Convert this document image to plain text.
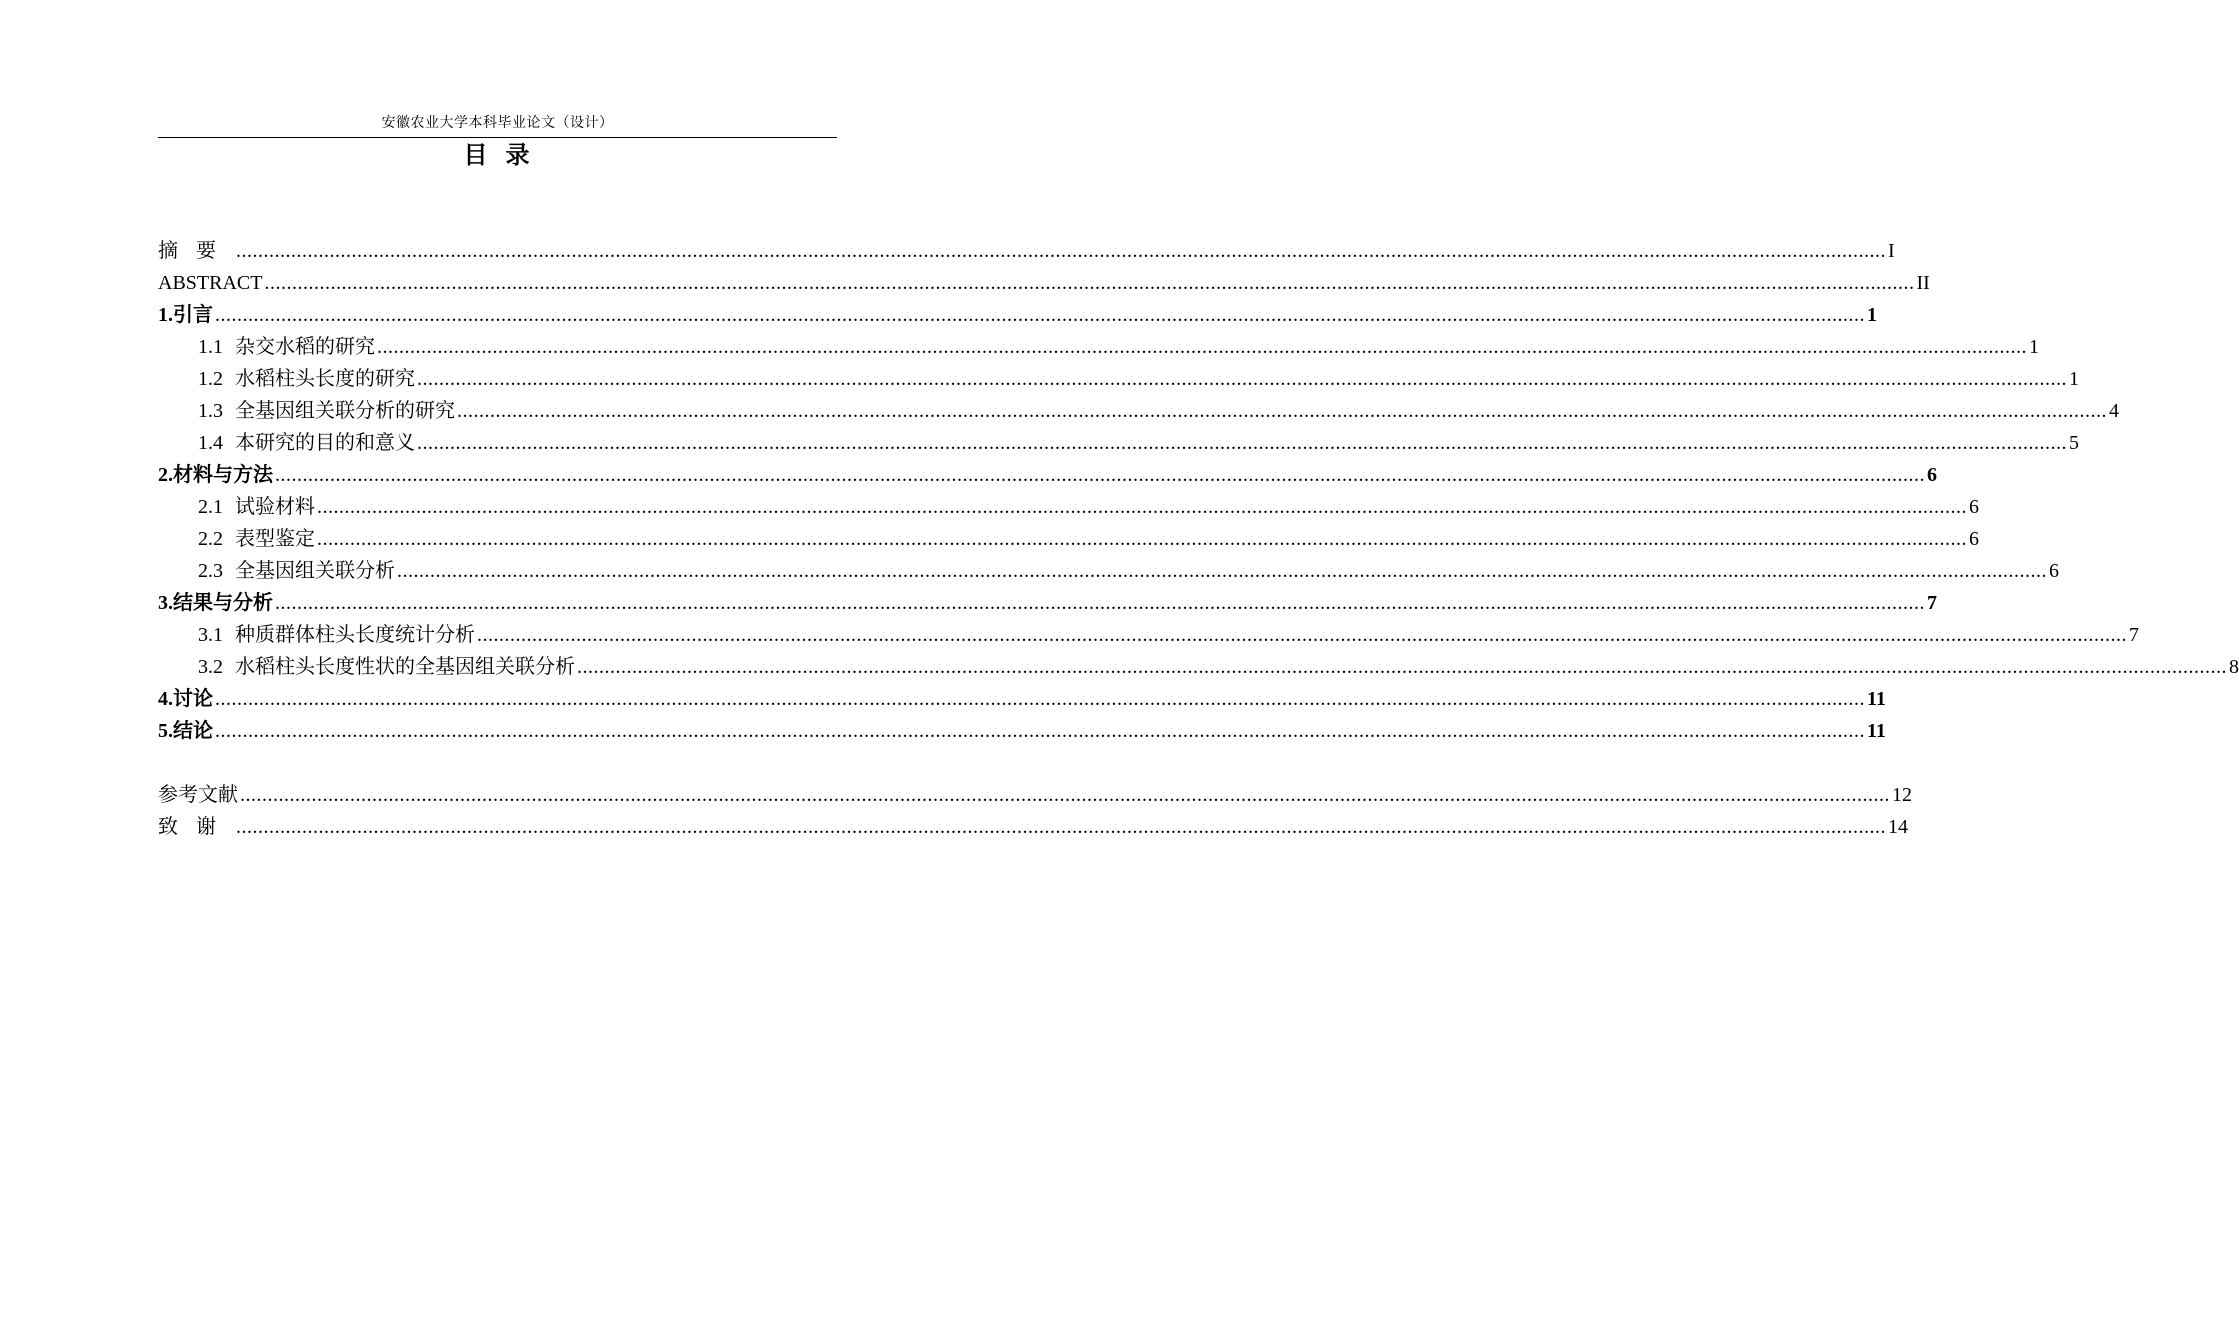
安徽农业大学本科毕业论文（设计）
目  录
摘要 ............................................................................................................................................................................................................................................................................................................ I
ABSTRACT ............................................................................................................................................................................................................................................................................................................ II
1.引言 ............................................................................................................................................................................................................................................................................................................ 1
1.1 杂交水稻的研究 ............................................................................................................................................................................................................................................................................................................ 1
1.2 水稻柱头长度的研究 ............................................................................................................................................................................................................................................................................................................ 1
1.3 全基因组关联分析的研究 ............................................................................................................................................................................................................................................................................................................ 4
1.4 本研究的目的和意义 ............................................................................................................................................................................................................................................................................................................ 5
2.材料与方法 ............................................................................................................................................................................................................................................................................................................ 6
2.1 试验材料 ............................................................................................................................................................................................................................................................................................................ 6
2.2 表型鉴定 ............................................................................................................................................................................................................................................................................................................ 6
2.3 全基因组关联分析 ............................................................................................................................................................................................................................................................................................................ 6
3.结果与分析 ............................................................................................................................................................................................................................................................................................................ 7
3.1 种质群体柱头长度统计分析 ............................................................................................................................................................................................................................................................................................................ 7
3.2 水稻柱头长度性状的全基因组关联分析 ............................................................................................................................................................................................................................................................................................................ 8
4.讨论 ............................................................................................................................................................................................................................................................................................................ 11
5.结论 ............................................................................................................................................................................................................................................................................................................ 11
参考文献 ............................................................................................................................................................................................................................................................................................................ 12
致谢 ............................................................................................................................................................................................................................................................................................................ 14
